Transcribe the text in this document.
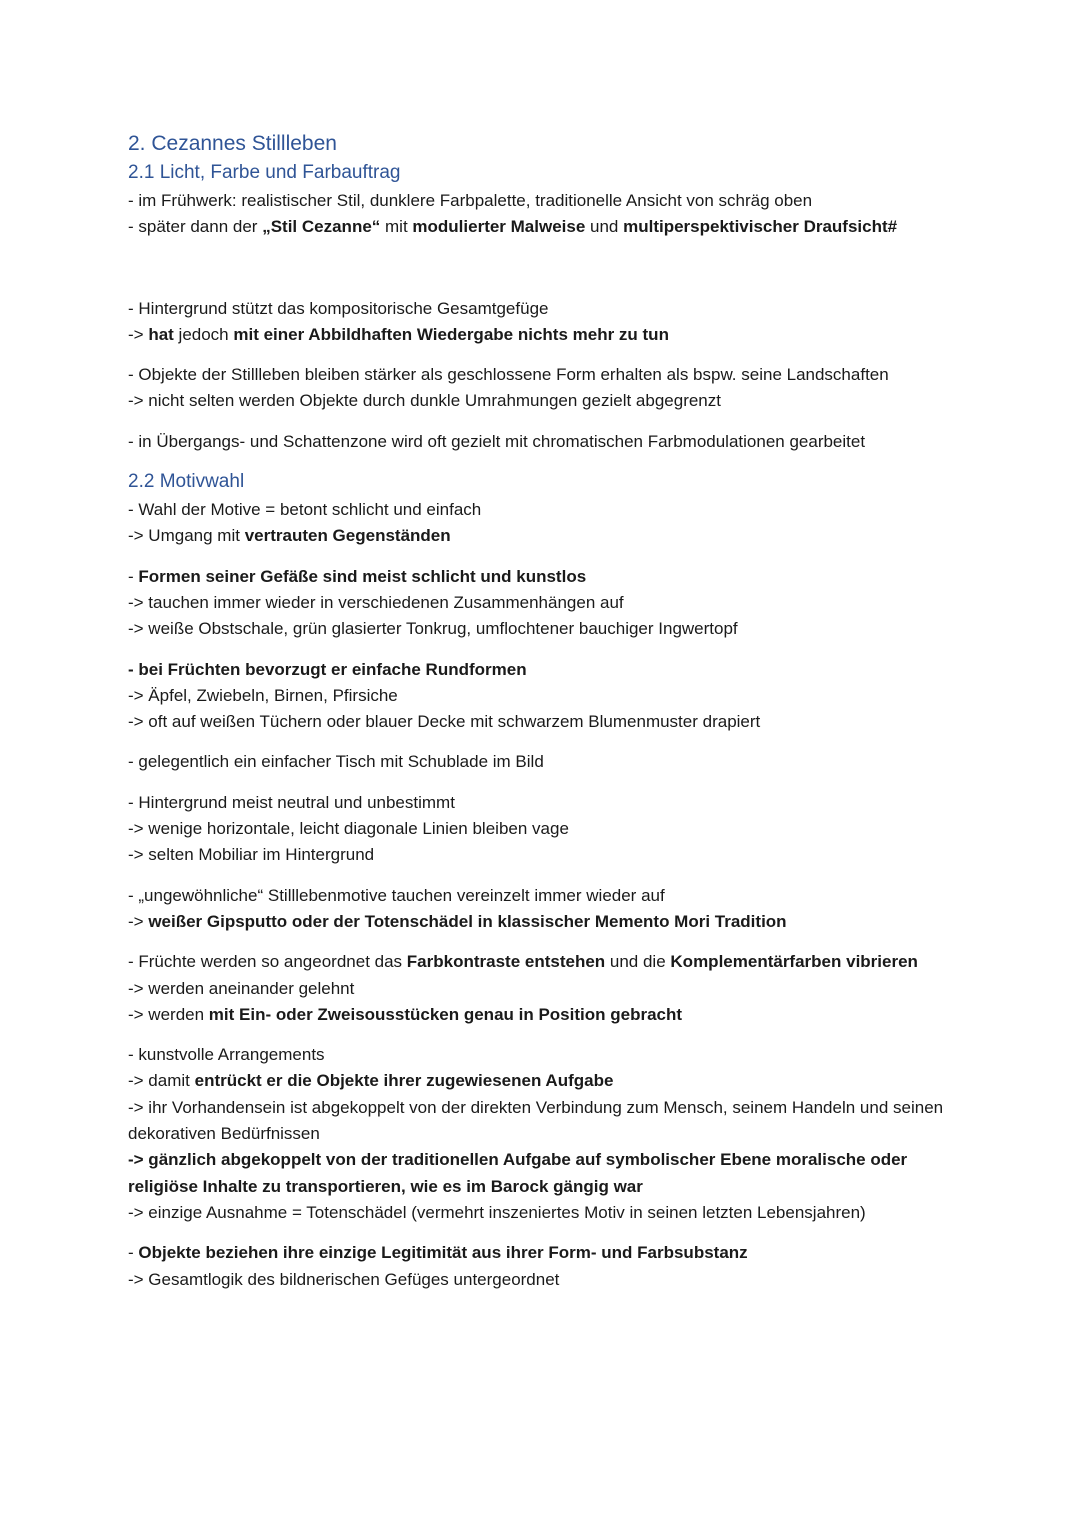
2. Cezannes Stillleben
2.1 Licht, Farbe und Farbauftrag
- im Frühwerk: realistischer Stil, dunklere Farbpalette, traditionelle Ansicht von schräg oben
- später dann der „Stil Cezanne“ mit modulierter Malweise und multiperspektivischer Draufsicht#
- Hintergrund stützt das kompositorische Gesamtgefüge
-> hat jedoch mit einer Abbildhaften Wiedergabe nichts mehr zu tun
- Objekte der Stillleben bleiben stärker als geschlossene Form erhalten als bspw. seine Landschaften
-> nicht selten werden Objekte durch dunkle Umrahmungen gezielt abgegrenzt
- in Übergangs- und Schattenzone wird oft gezielt mit chromatischen Farbmodulationen gearbeitet
2.2 Motivwahl
- Wahl der Motive = betont schlicht und einfach
-> Umgang mit vertrauten Gegenständen
- Formen seiner Gefäße sind meist schlicht und kunstlos
-> tauchen immer wieder in verschiedenen Zusammenhängen auf
-> weiße Obstschale, grün glasierter Tonkrug, umflochtener bauchiger Ingwertopf
- bei Früchten bevorzugt er einfache Rundformen
-> Äpfel, Zwiebeln, Birnen, Pfirsiche
-> oft auf weißen Tüchern oder blauer Decke mit schwarzem Blumenmuster drapiert
- gelegentlich ein einfacher Tisch mit Schublade im Bild
- Hintergrund meist neutral und unbestimmt
-> wenige horizontale, leicht diagonale Linien bleiben vage
-> selten Mobiliar im Hintergrund
- „ungewöhnliche“ Stilllebenmotive tauchen vereinzelt immer wieder auf
-> weißer Gipsputto oder der Totenschädel in klassischer Memento Mori Tradition
- Früchte werden so angeordnet das Farbkontraste entstehen und die Komplementärfarben vibrieren
-> werden aneinander gelehnt
-> werden mit Ein- oder Zweisousstücken genau in Position gebracht
- kunstvolle Arrangements
-> damit entrückt er die Objekte ihrer zugewiesenen Aufgabe
-> ihr Vorhandensein ist abgekoppelt von der direkten Verbindung zum Mensch, seinem Handeln und seinen dekorativen Bedürfnissen
-> gänzlich abgekoppelt von der traditionellen Aufgabe auf symbolischer Ebene moralische oder religiöse Inhalte zu transportieren, wie es im Barock gängig war
-> einzige Ausnahme = Totenschädel (vermehrt inszeniertes Motiv in seinen letzten Lebensjahren)
- Objekte beziehen ihre einzige Legitimität aus ihrer Form- und Farbsubstanz
-> Gesamtlogik des bildnerischen Gefüges untergeordnet
